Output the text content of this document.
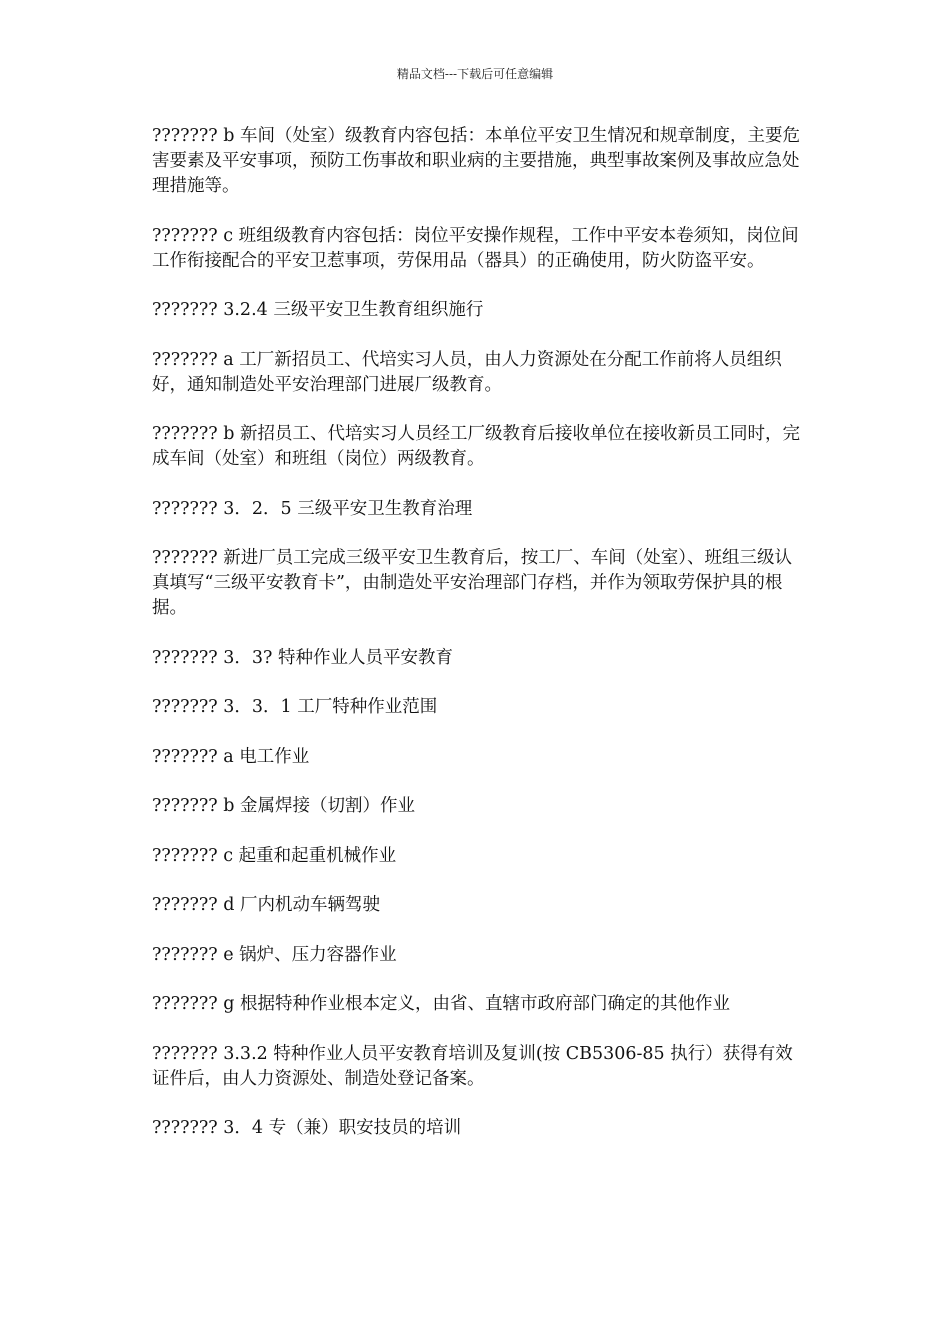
精品文档---下载后可任意编辑

??????? b 车间（处室）级教育内容包括：本单位平安卫生情况和规章制度，主要危害要素及平安事项，预防工伤事故和职业病的主要措施，典型事故案例及事故应急处理措施等。

??????? c 班组级教育内容包括：岗位平安操作规程，工作中平安本卷须知，岗位间工作衔接配合的平安卫惹事项，劳保用品（器具）的正确使用，防火防盗平安。

??????? 3.2.4 三级平安卫生教育组织施行

??????? a 工厂新招员工、代培实习人员，由人力资源处在分配工作前将人员组织好，通知制造处平安治理部门进展厂级教育。

??????? b 新招员工、代培实习人员经工厂级教育后接收单位在接收新员工同时，完成车间（处室）和班组（岗位）两级教育。

??????? 3．2．5 三级平安卫生教育治理

??????? 新进厂员工完成三级平安卫生教育后，按工厂、车间（处室）、班组三级认真填写“三级平安教育卡”，由制造处平安治理部门存档，并作为领取劳保护具的根据。

??????? 3．3? 特种作业人员平安教育

??????? 3．3．1 工厂特种作业范围

??????? a 电工作业

??????? b 金属焊接（切割）作业

??????? c 起重和起重机械作业

??????? d 厂内机动车辆驾驶

??????? e 锅炉、压力容器作业

??????? g 根据特种作业根本定义，由省、直辖市政府部门确定的其他作业

??????? 3.3.2 特种作业人员平安教育培训及复训(按 CB5306-85 执行）获得有效证件后，由人力资源处、制造处登记备案。

??????? 3．4 专（兼）职安技员的培训
